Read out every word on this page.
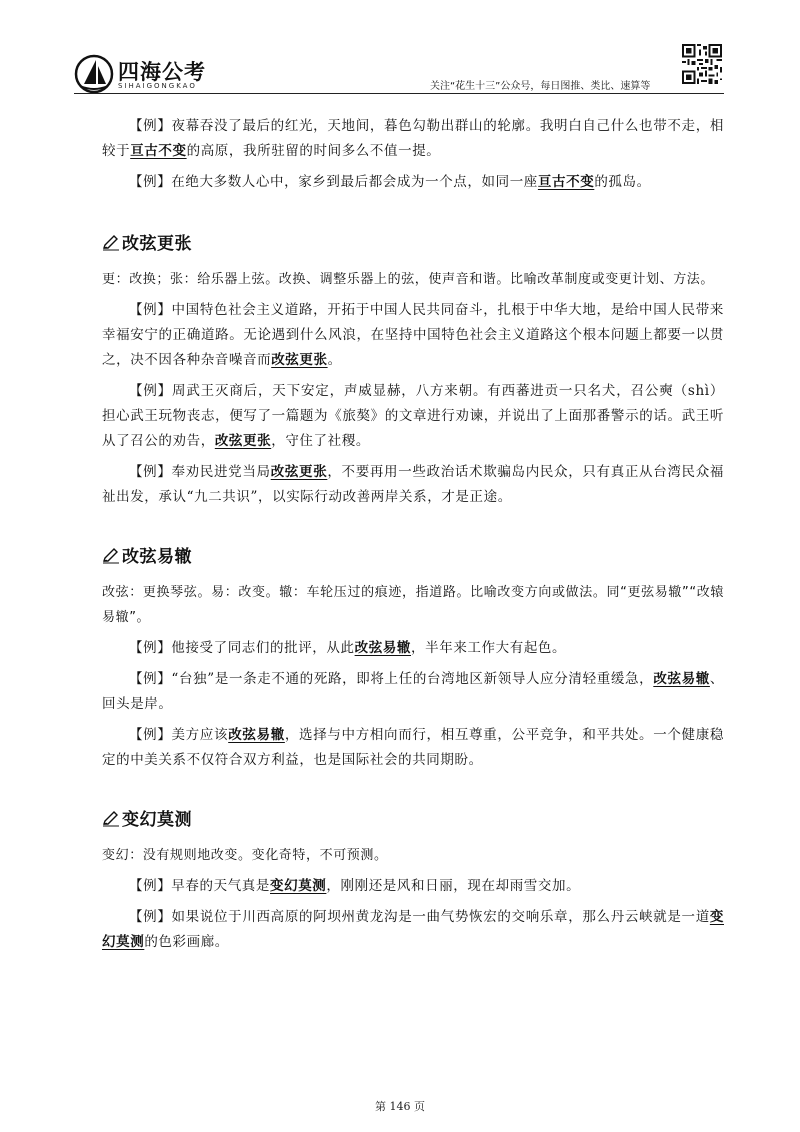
四海公考
SIHAIGONGKAO	关注“花生十三”公众号，每日图推、类比、速算等

【例】夜幕吞没了最后的红光，天地间，暮色勾勒出群山的轮廓。我明白自己什么也带不走，相较于亘古不变的高原，我所驻留的时间多么不值一提。

【例】在绝大多数人心中，家乡到最后都会成为一个点，如同一座亘古不变的孤岛。

改弦更张

更：改换；张：给乐器上弦。改换、调整乐器上的弦，使声音和谐。比喻改革制度或变更计划、方法。

【例】中国特色社会主义道路，开拓于中国人民共同奋斗，扎根于中华大地，是给中国人民带来幸福安宁的正确道路。无论遇到什么风浪，在坚持中国特色社会主义道路这个根本问题上都要一以贯之，决不因各种杂音噪音而改弦更张。

【例】周武王灭商后，天下安定，声威显赫，八方来朝。有西蕃进贡一只名犬，召公奭（shì）担心武王玩物丧志，便写了一篇题为《旅獒》的文章进行劝谏，并说出了上面那番警示的话。武王听从了召公的劝告，改弦更张，守住了社稷。

【例】奉劝民进党当局改弦更张，不要再用一些政治话术欺骗岛内民众，只有真正从台湾民众福祉出发，承认“九二共识”，以实际行动改善两岸关系，才是正途。

改弦易辙

改弦：更换琴弦。易：改变。辙：车轮压过的痕迹，指道路。比喻改变方向或做法。同“更弦易辙”“改辕易辙”。

【例】他接受了同志们的批评，从此改弦易辙，半年来工作大有起色。

【例】“台独”是一条走不通的死路，即将上任的台湾地区新领导人应分清轻重缓急，改弦易辙、回头是岸。

【例】美方应该改弦易辙，选择与中方相向而行，相互尊重，公平竞争，和平共处。一个健康稳定的中美关系不仅符合双方利益，也是国际社会的共同期盼。

变幻莫测

变幻：没有规则地改变。变化奇特，不可预测。

【例】早春的天气真是变幻莫测，刚刚还是风和日丽，现在却雨雪交加。

【例】如果说位于川西高原的阿坝州黄龙沟是一曲气势恢宏的交响乐章，那么丹云峡就是一道变幻莫测的色彩画廊。

第 146 页
